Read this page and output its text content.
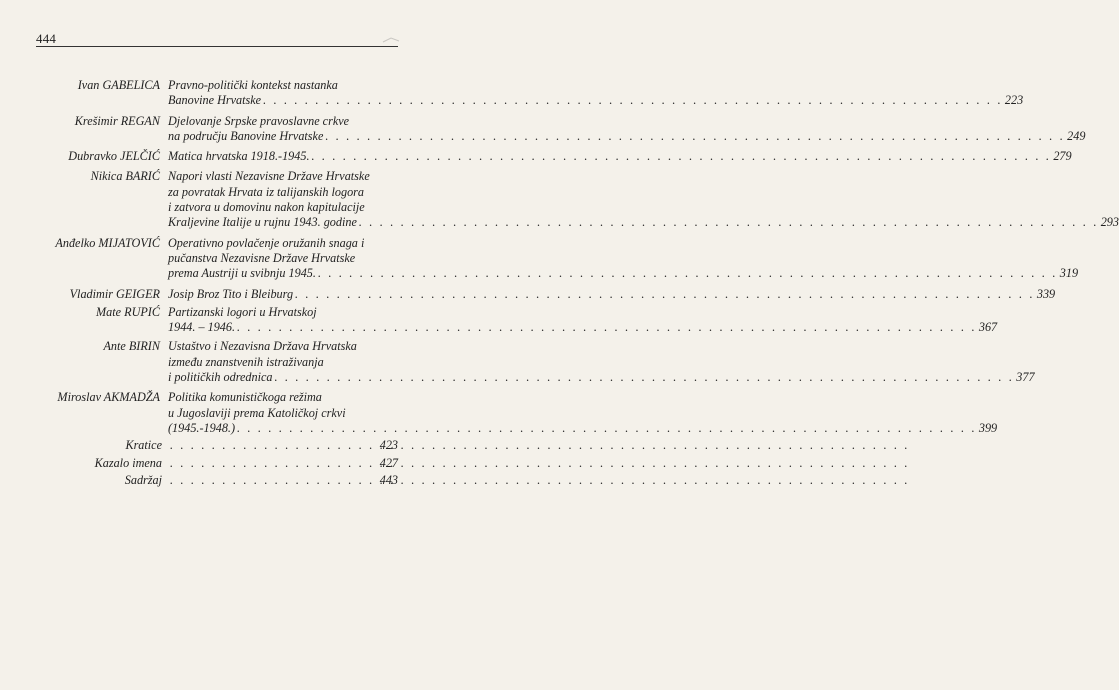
444
Ivan GABELICA Pravno-politički kontekst nastanka
Banovine Hrvatske . . .	223
Krešimir REGAN Djelovanje Srpske pravoslavne crkve
na području Banovine Hrvatske . . .	249
Dubravko JELČIĆ Matica hrvatska 1918.-1945. . . .	279
Nikica BARIĆ Napori vlasti Nezavisne Države Hrvatske
za povratak Hrvata iz talijanskih logora
i zatvora u domovinu nakon kapitulacije
Kraljevine Italije u rujnu 1943. godine . . .	293
Anđelko MIJATOVIĆ Operativno povlačenje oružanih snaga i
pučanstva Nezavisne Države Hrvatske
prema Austriji u svibnju 1945. . . .	319
Vladimir GEIGER Josip Broz Tito i Bleiburg . . .	339
Mate RUPIĆ Partizanski logori u Hrvatskoj
1944. – 1946. . . .	367
Ante BIRIN Ustaštvo i Nezavisna Država Hrvatska
između znanstvenih istraživanja
i političkih odrednica . . .	377
Miroslav AKMADŽA Politika komunističkoga režima
u Jugoslaviji prema Katoličkoj crkvi
(1945.-1948.) . . .	399
Kratice . . .	423
Kazalo imena . . .	427
Sadržaj . . .	443
